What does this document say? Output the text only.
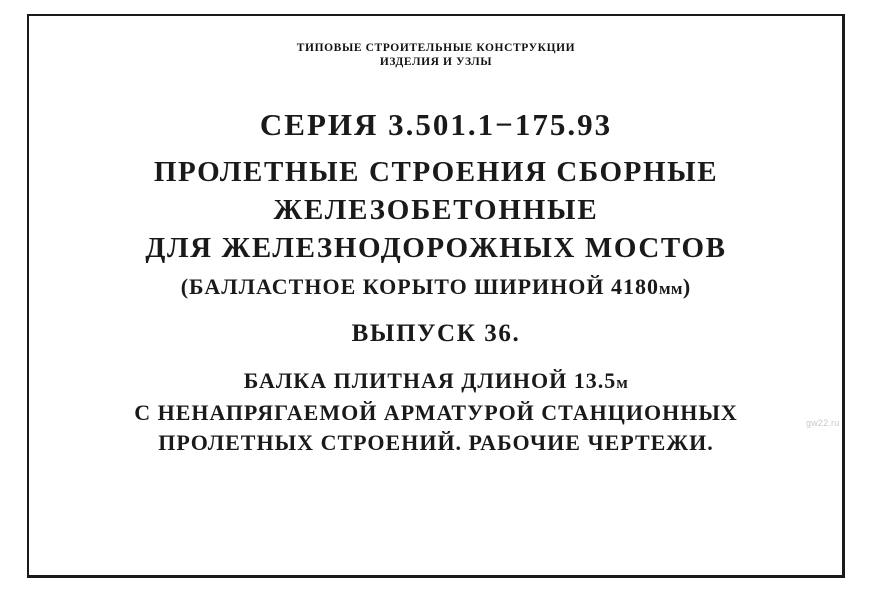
ТИПОВЫЕ СТРОИТЕЛЬНЫЕ КОНСТРУКЦИИ
ИЗДЕЛИЯ И УЗЛЫ
СЕРИЯ 3.501.1−175.93
ПРОЛЕТНЫЕ СТРОЕНИЯ СБОРНЫЕ
ЖЕЛЕЗОБЕТОННЫЕ
ДЛЯ ЖЕЛЕЗНОДОРОЖНЫХ МОСТОВ
(БАЛЛАСТНОЕ КОРЫТО ШИРИНОЙ 4180мм)
ВЫПУСК 36.
БАЛКА ПЛИТНАЯ ДЛИНОЙ 13.5м
С НЕНАПРЯГАЕМОЙ АРМАТУРОЙ СТАНЦИОННЫХ
ПРОЛЕТНЫХ СТРОЕНИЙ. РАБОЧИЕ ЧЕРТЕЖИ.
gw22.ru
